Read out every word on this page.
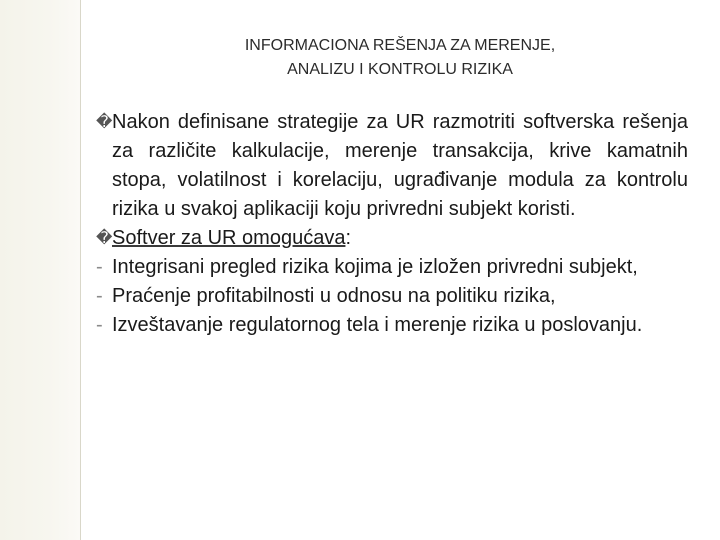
INFORMACIONA REŠENJA ZA MERENJE,
ANALIZU I KONTROLU RIZIKA
� Nakon definisane strategije za UR razmotriti softverska rešenja za različite kalkulacije, merenje transakcija, krive kamatnih stopa, volatilnost i korelaciju, ugrađivanje modula za kontrolu rizika u svakoj aplikaciji koju privredni subjekt koristi.
� Softver za UR omogućava:
- Integrisani pregled rizika kojima je izložen privredni subjekt,
- Praćenje profitabilnosti u odnosu na politiku rizika,
- Izveštavanje regulatornog tela i merenje rizika u poslovanju.
